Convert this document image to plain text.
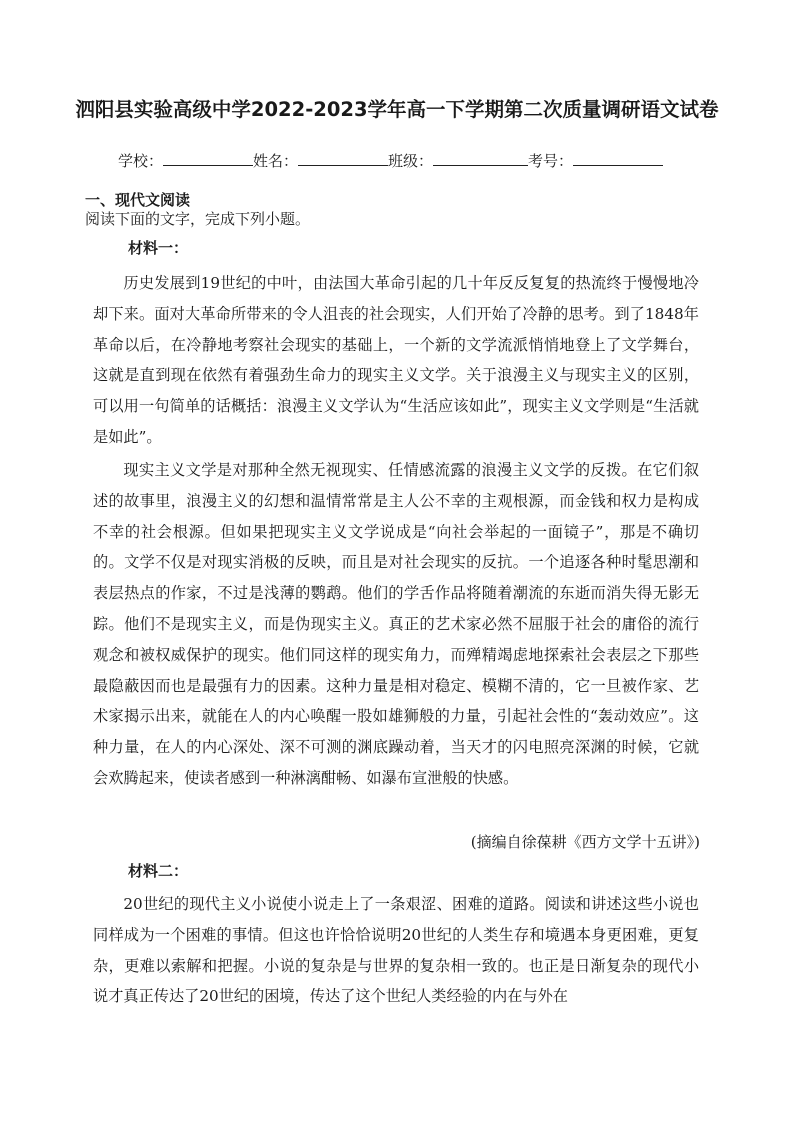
泗阳县实验高级中学2022-2023学年高一下学期第二次质量调研语文试卷
学校：	姓名：	班级：	考号：
一、现代文阅读
阅读下面的文字，完成下列小题。
材料一：

历史发展到19世纪的中叶，由法国大革命引起的几十年反反复复的热流终于慢慢地冷却下来。面对大革命所带来的令人沮丧的社会现实，人们开始了冷静的思考。到了1848年革命以后，在冷静地考察社会现实的基础上，一个新的文学流派悄悄地登上了文学舞台，这就是直到现在依然有着强劲生命力的现实主义文学。关于浪漫主义与现实主义的区别，可以用一句简单的话概括：浪漫主义文学认为“生活应该如此”，现实主义文学则是“生活就是如此”。

现实主义文学是对那种全然无视现实、任情感流露的浪漫主义文学的反拨。在它们叙述的故事里，浪漫主义的幻想和温情常常是主人公不幸的主观根源，而金钱和权力是构成不幸的社会根源。但如果把现实主义文学说成是“向社会举起的一面镜子”，那是不确切的。文学不仅是对现实消极的反映，而且是对社会现实的反抗。一个追逐各种时髦思潮和表层热点的作家，不过是浅薄的鹦鹉。他们的学舌作品将随着潮流的东逝而消失得无影无踪。他们不是现实主义，而是伪现实主义。真正的艺术家必然不屈服于社会的庸俗的流行观念和被权威保护的现实。他们同这样的现实角力，而殚精竭虑地探索社会表层之下那些最隐蔽因而也是最强有力的因素。这种力量是相对稳定、模糊不清的，它一旦被作家、艺术家揭示出来，就能在人的内心唤醒一股如雄狮般的力量，引起社会性的“轰动效应”。这种力量，在人的内心深处、深不可测的渊底躁动着，当天才的闪电照亮深渊的时候，它就会欢腾起来，使读者感到一种淋漓酣畅、如瀑布宣泄般的快感。

(摘编自徐葆耕《西方文学十五讲》)
材料二：

20世纪的现代主义小说使小说走上了一条艰涩、困难的道路。阅读和讲述这些小说也同样成为一个困难的事情。但这也许恰恰说明20世纪的人类生存和境遇本身更困难，更复杂，更难以索解和把握。小说的复杂是与世界的复杂相一致的。也正是日渐复杂的现代小说才真正传达了20世纪的困境，传达了这个世纪人类经验的内在与外在
